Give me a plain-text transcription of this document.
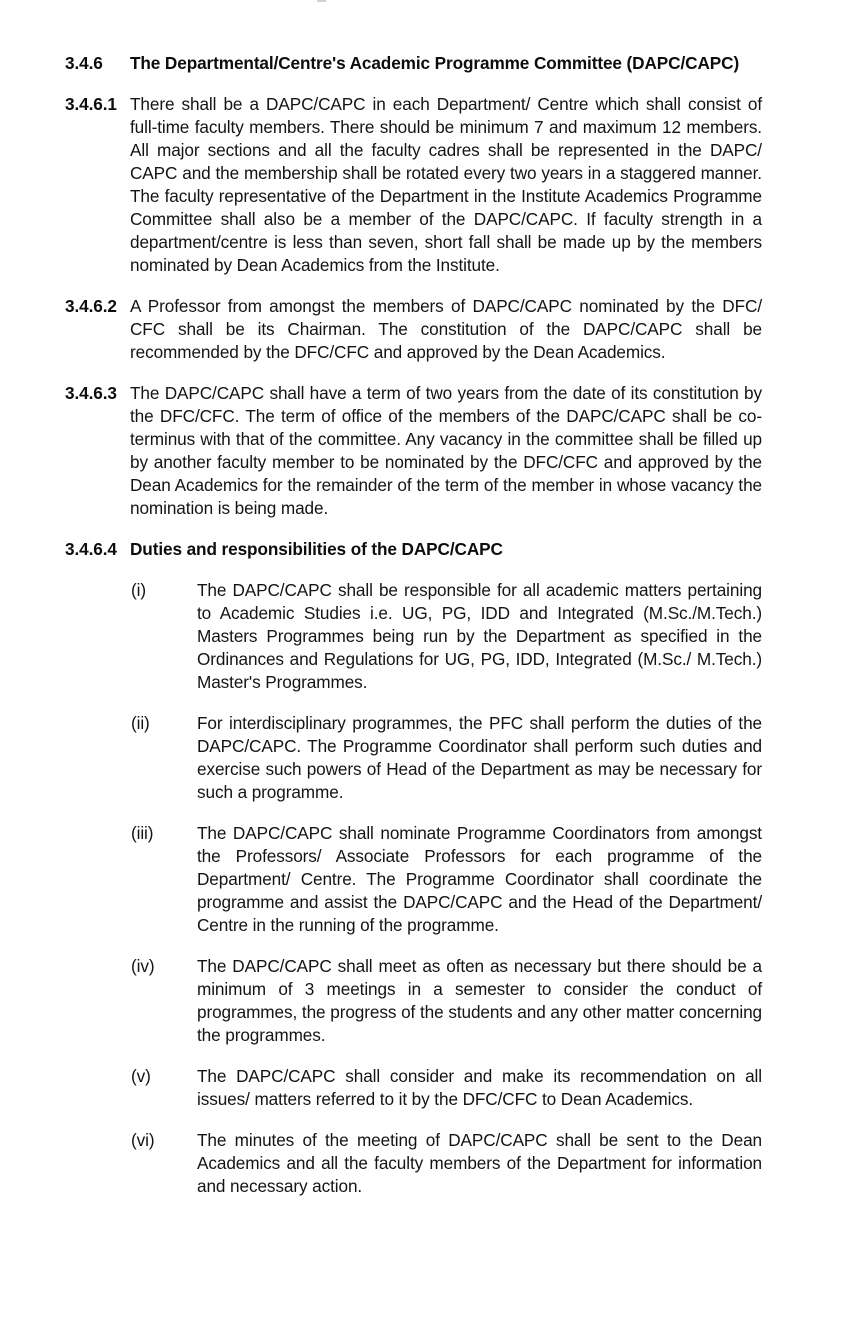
3.4.6	The Departmental/​Centre's Academic Programme Committee (DAPC/​CAPC)
3.4.6.1 There shall be a DAPC/​CAPC in each Department/​ Centre which shall consist of full-time faculty members. There should be minimum 7 and maximum 12 members. All major sections and all the faculty cadres shall be represented in the DAPC/​CAPC and the membership shall be rotated every two years in a staggered manner. The faculty representative of the Department in the Institute Academics Programme Committee shall also be a member of the DAPC/​CAPC. If faculty strength in a department/​centre is less than seven, short fall shall be made up by the members nominated by Dean Academics from the Institute.

3.4.6.2 A Professor from amongst the members of DAPC/​CAPC nominated by the DFC/​CFC shall be its Chairman. The constitution of the DAPC/​CAPC shall be recommended by the DFC/​CFC and approved by the Dean Academics.

3.4.6.3 The DAPC/​CAPC shall have a term of two years from the date of its constitution by the DFC/​CFC. The term of office of the members of the DAPC/​CAPC shall be co-terminus with that of the committee. Any vacancy in the committee shall be filled up by another faculty member to be nominated by the DFC/​CFC and approved by the Dean Academics for the remainder of the term of the member in whose vacancy the nomination is being made.

3.4.6.4 Duties and responsibilities of the DAPC/​CAPC
(i)	The DAPC/​CAPC shall be responsible for all academic matters pertaining to Academic Studies i.e. UG, PG, IDD and Integrated (M.Sc./​M.Tech.) Masters Programmes being run by the Department as specified in the Ordinances and Regulations for UG, PG, IDD, Integrated (M.Sc./​ M.Tech.) Master's Programmes.

(ii)	For interdisciplinary programmes, the PFC shall perform the duties of the DAPC/​CAPC. The Programme Coordinator shall perform such duties and exercise such powers of Head of the Department as may be necessary for such a programme.

(iii)	The DAPC/​CAPC shall nominate Programme Coordinators from amongst the Professors/​ Associate Professors for each programme of the Department/​ Centre. The Programme Coordinator shall coordinate the programme and assist the DAPC/​CAPC and the Head of the Department/​ Centre in the running of the programme.

(iv)	The DAPC/​CAPC shall meet as often as necessary but there should be a minimum of 3 meetings in a semester to consider the conduct of programmes, the progress of the students and any other matter concerning the programmes.

(v)	The DAPC/​CAPC shall consider and make its recommendation on all issues/​ matters referred to it by the DFC/​CFC to Dean Academics.

(vi)	The minutes of the meeting of DAPC/​CAPC shall be sent to the Dean Academics and all the faculty members of the Department for information and necessary action.
